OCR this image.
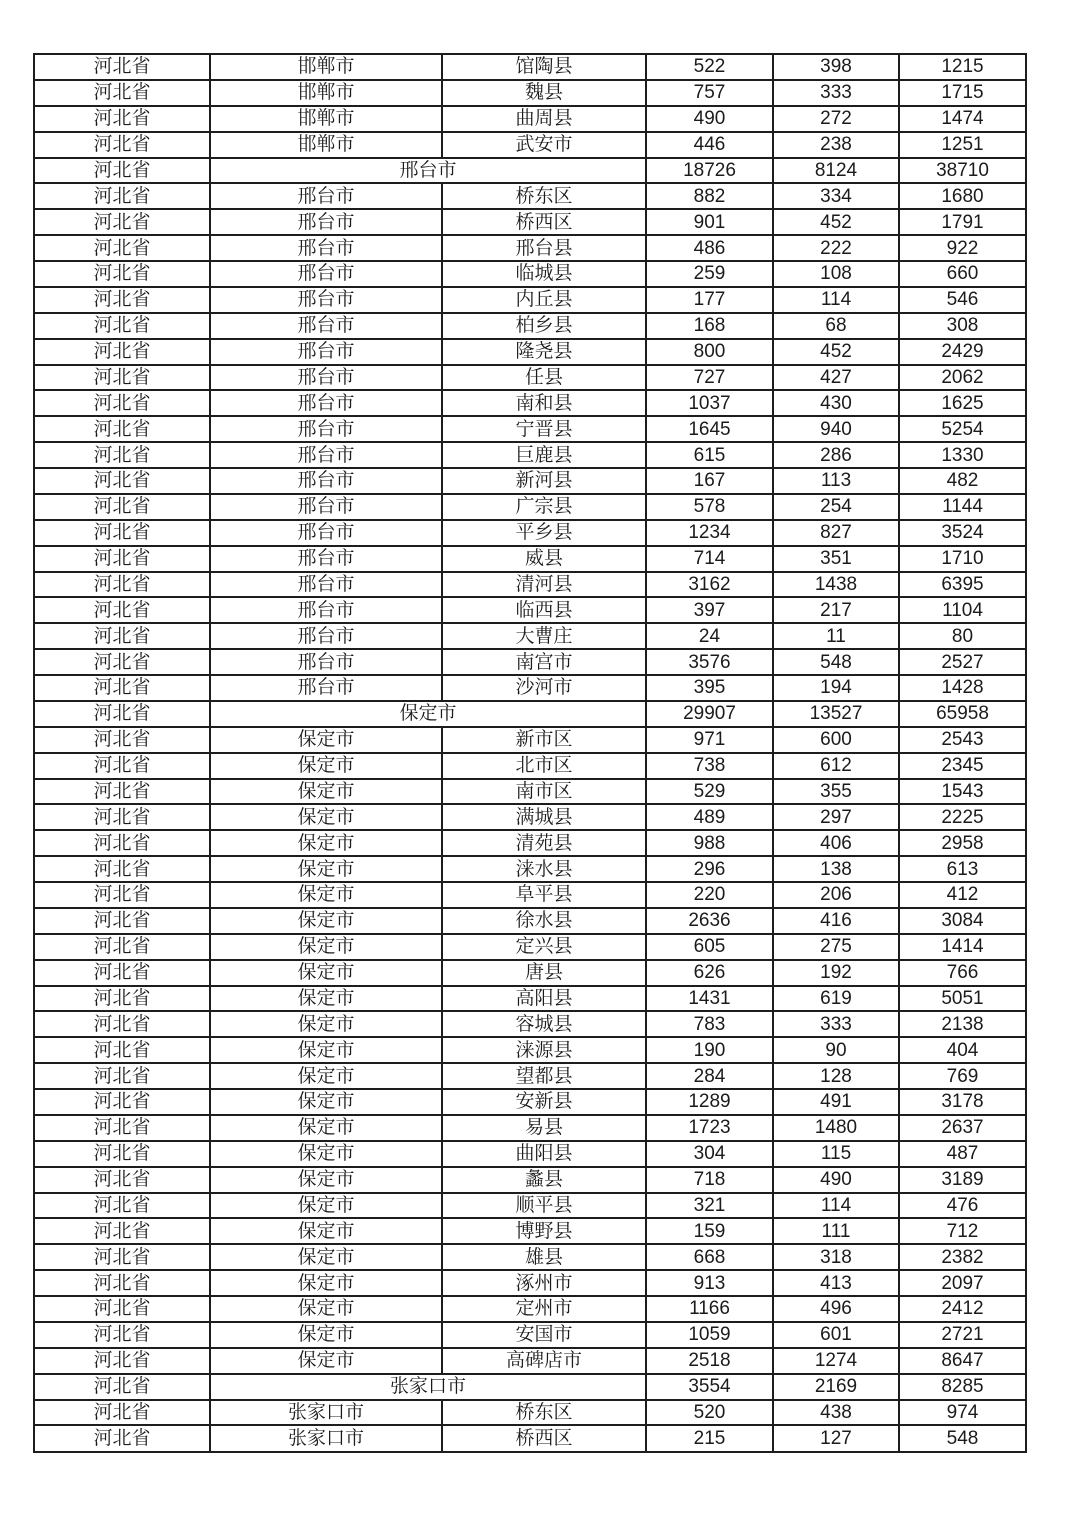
河北省	邯郸市	馆陶县	522	398	1215
河北省	邯郸市	魏县	757	333	1715
河北省	邯郸市	曲周县	490	272	1474
河北省	邯郸市	武安市	446	238	1251
河北省	邢台市		18726	8124	38710
河北省	邢台市	桥东区	882	334	1680
河北省	邢台市	桥西区	901	452	1791
河北省	邢台市	邢台县	486	222	922
河北省	邢台市	临城县	259	108	660
河北省	邢台市	内丘县	177	114	546
河北省	邢台市	柏乡县	168	68	308
河北省	邢台市	隆尧县	800	452	2429
河北省	邢台市	任县	727	427	2062
河北省	邢台市	南和县	1037	430	1625
河北省	邢台市	宁晋县	1645	940	5254
河北省	邢台市	巨鹿县	615	286	1330
河北省	邢台市	新河县	167	113	482
河北省	邢台市	广宗县	578	254	1144
河北省	邢台市	平乡县	1234	827	3524
河北省	邢台市	威县	714	351	1710
河北省	邢台市	清河县	3162	1438	6395
河北省	邢台市	临西县	397	217	1104
河北省	邢台市	大曹庄	24	11	80
河北省	邢台市	南宫市	3576	548	2527
河北省	邢台市	沙河市	395	194	1428
河北省	保定市		29907	13527	65958
河北省	保定市	新市区	971	600	2543
河北省	保定市	北市区	738	612	2345
河北省	保定市	南市区	529	355	1543
河北省	保定市	满城县	489	297	2225
河北省	保定市	清苑县	988	406	2958
河北省	保定市	涞水县	296	138	613
河北省	保定市	阜平县	220	206	412
河北省	保定市	徐水县	2636	416	3084
河北省	保定市	定兴县	605	275	1414
河北省	保定市	唐县	626	192	766
河北省	保定市	高阳县	1431	619	5051
河北省	保定市	容城县	783	333	2138
河北省	保定市	涞源县	190	90	404
河北省	保定市	望都县	284	128	769
河北省	保定市	安新县	1289	491	3178
河北省	保定市	易县	1723	1480	2637
河北省	保定市	曲阳县	304	115	487
河北省	保定市	蠡县	718	490	3189
河北省	保定市	顺平县	321	114	476
河北省	保定市	博野县	159	111	712
河北省	保定市	雄县	668	318	2382
河北省	保定市	涿州市	913	413	2097
河北省	保定市	定州市	1166	496	2412
河北省	保定市	安国市	1059	601	2721
河北省	保定市	高碑店市	2518	1274	8647
河北省	张家口市		3554	2169	8285
河北省	张家口市	桥东区	520	438	974
河北省	张家口市	桥西区	215	127	548
